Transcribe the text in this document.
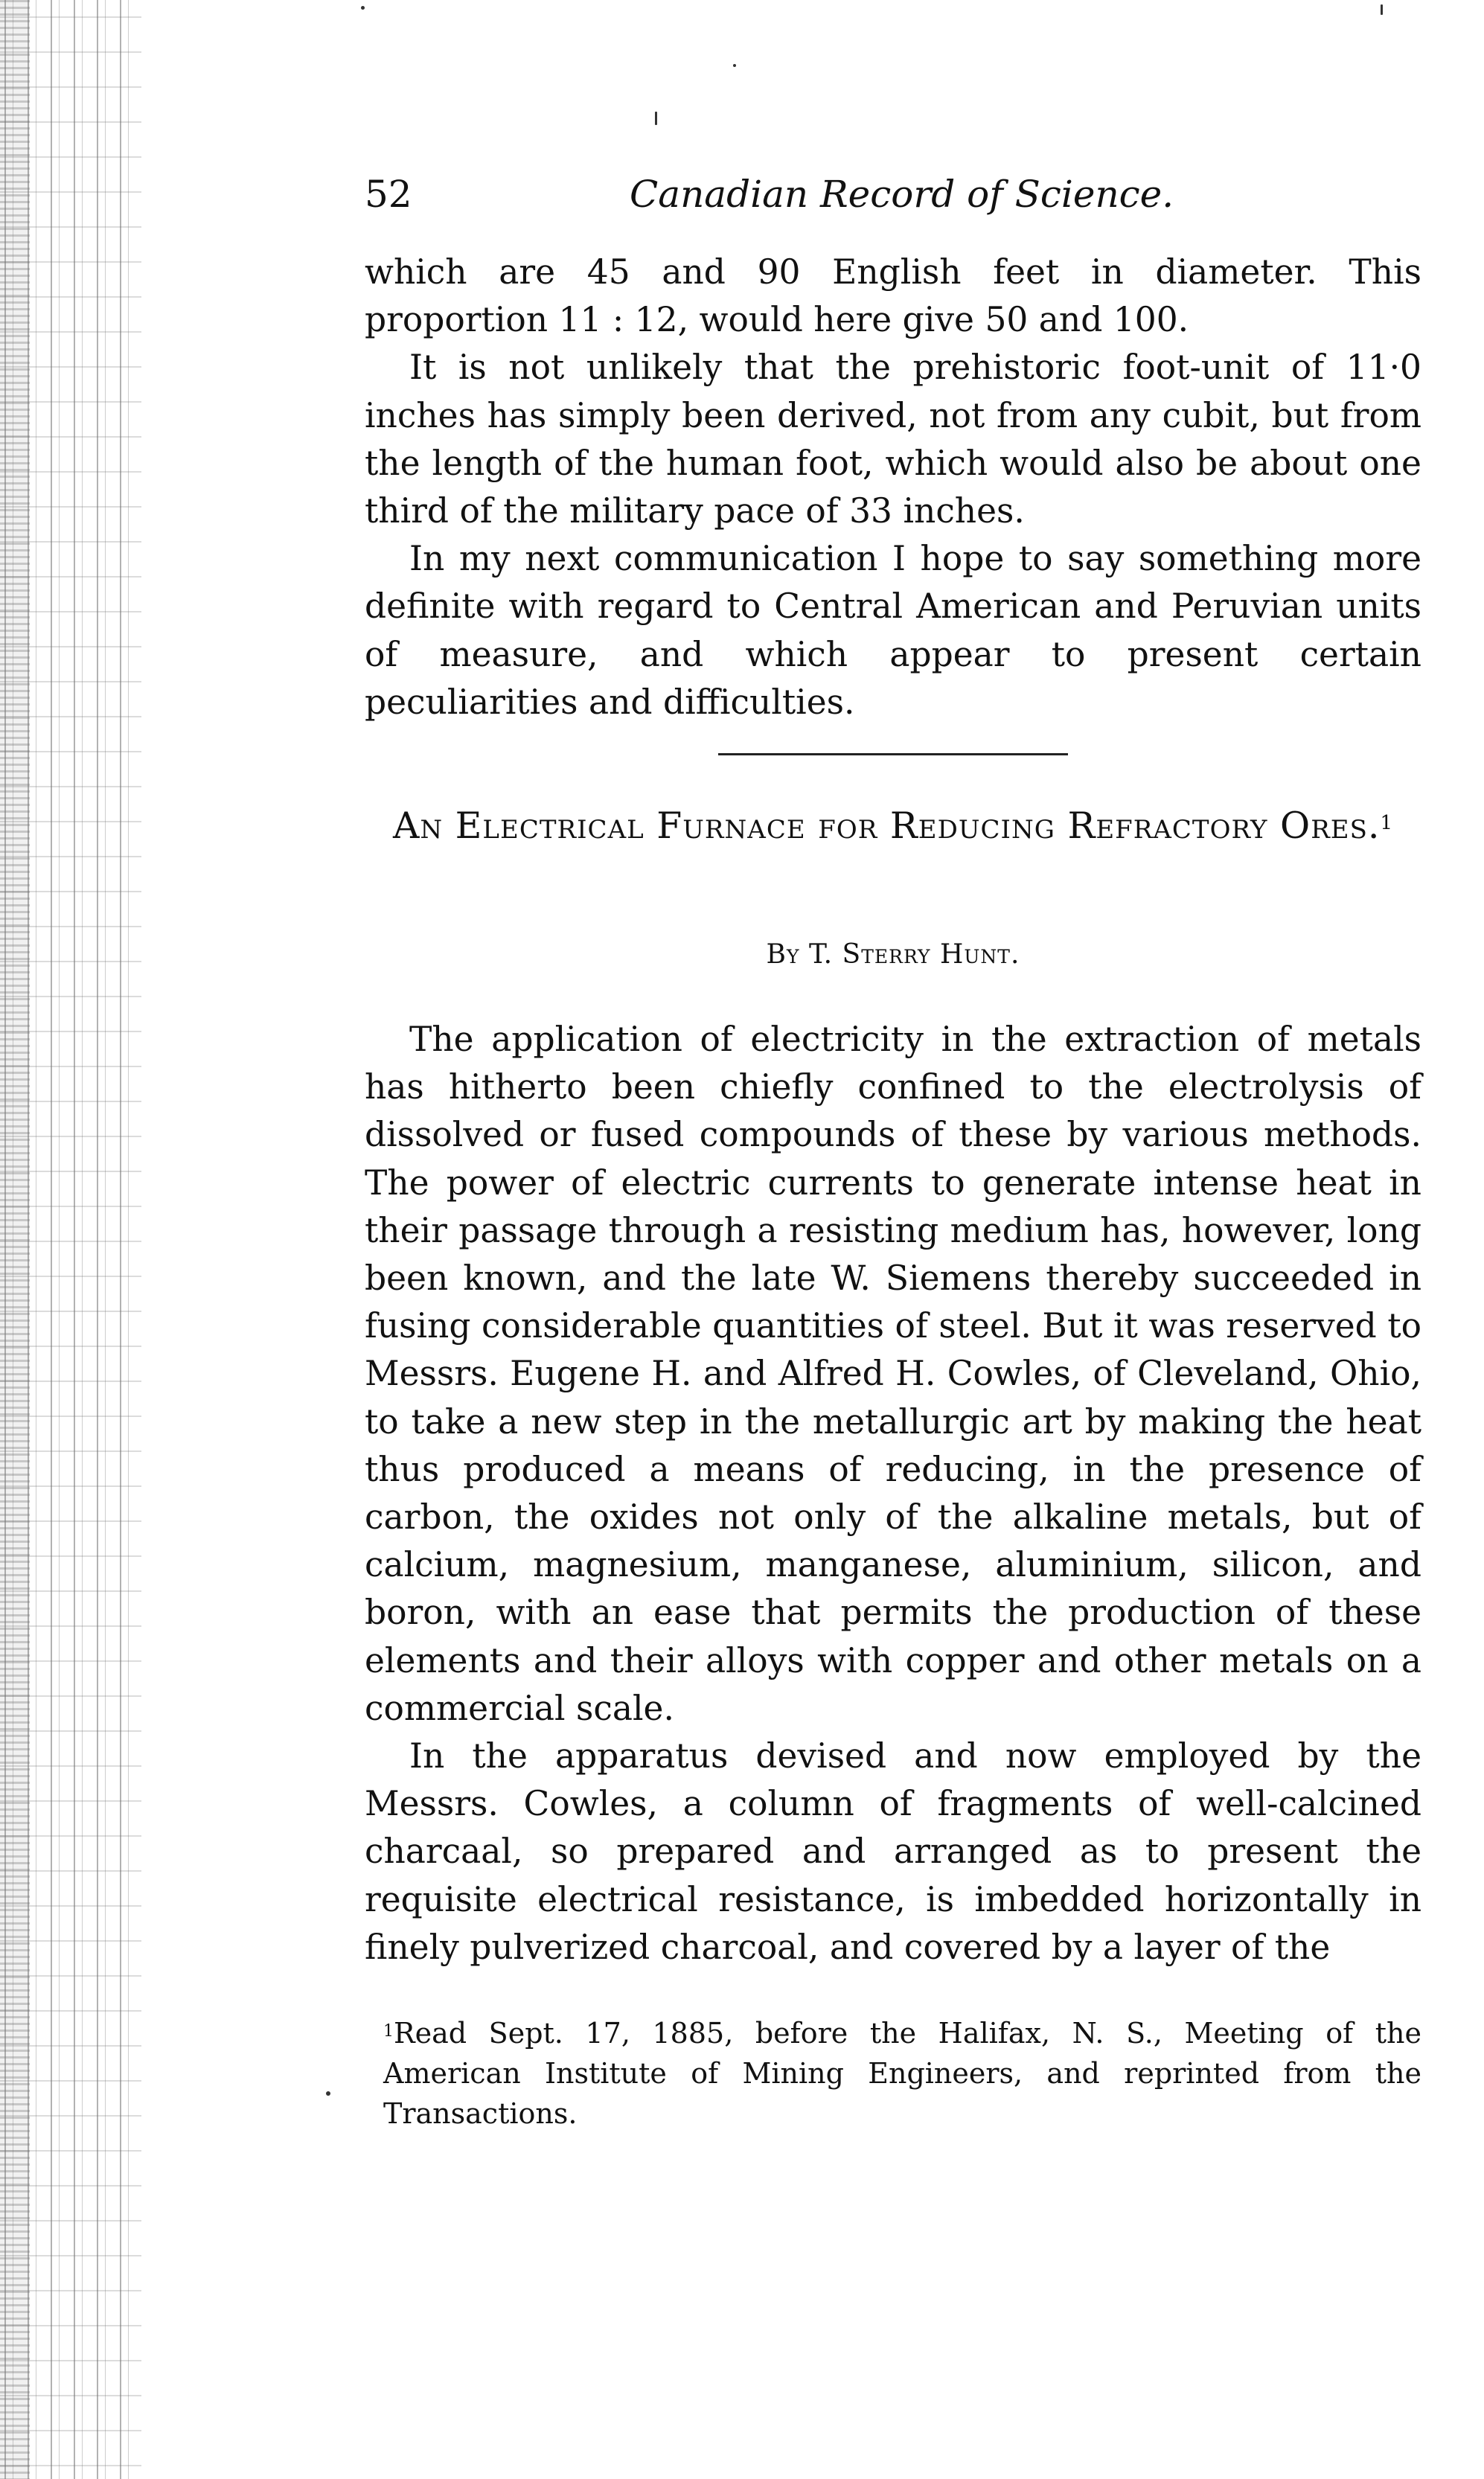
52	Canadian Record of Science.

which are 45 and 90 English feet in diameter. This proportion 11 : 12, would here give 50 and 100.

It is not unlikely that the prehistoric foot-unit of 11·0 inches has simply been derived, not from any cubit, but from the length of the human foot, which would also be about one third of the military pace of 33 inches.

In my next communication I hope to say something more definite with regard to Central American and Peruvian units of measure, and which appear to present certain peculiarities and difficulties.

An Electrical Furnace for Reducing Refractory Ores.$^1$
By T. Sterry Hunt.

The application of electricity in the extraction of metals has hitherto been chiefly confined to the electrolysis of dissolved or fused compounds of these by various methods. The power of electric currents to generate intense heat in their passage through a resisting medium has, however, long been known, and the late W. Siemens thereby succeeded in fusing considerable quantities of steel. But it was reserved to Messrs. Eugene H. and Alfred H. Cowles, of Cleveland, Ohio, to take a new step in the metallurgic art by making the heat thus produced a means of reducing, in the presence of carbon, the oxides not only of the alkaline metals, but of calcium, magnesium, manganese, aluminium, silicon, and boron, with an ease that permits the production of these elements and their alloys with copper and other metals on a commercial scale.

In the apparatus devised and now employed by the Messrs. Cowles, a column of fragments of well-calcined charcaal, so prepared and arranged as to present the requisite electrical resistance, is imbedded horizontally in finely pulverized charcoal, and covered by a layer of the

$^1$Read Sept. 17, 1885, before the Halifax, N. S., Meeting of the American Institute of Mining Engineers, and reprinted from the Transactions.
